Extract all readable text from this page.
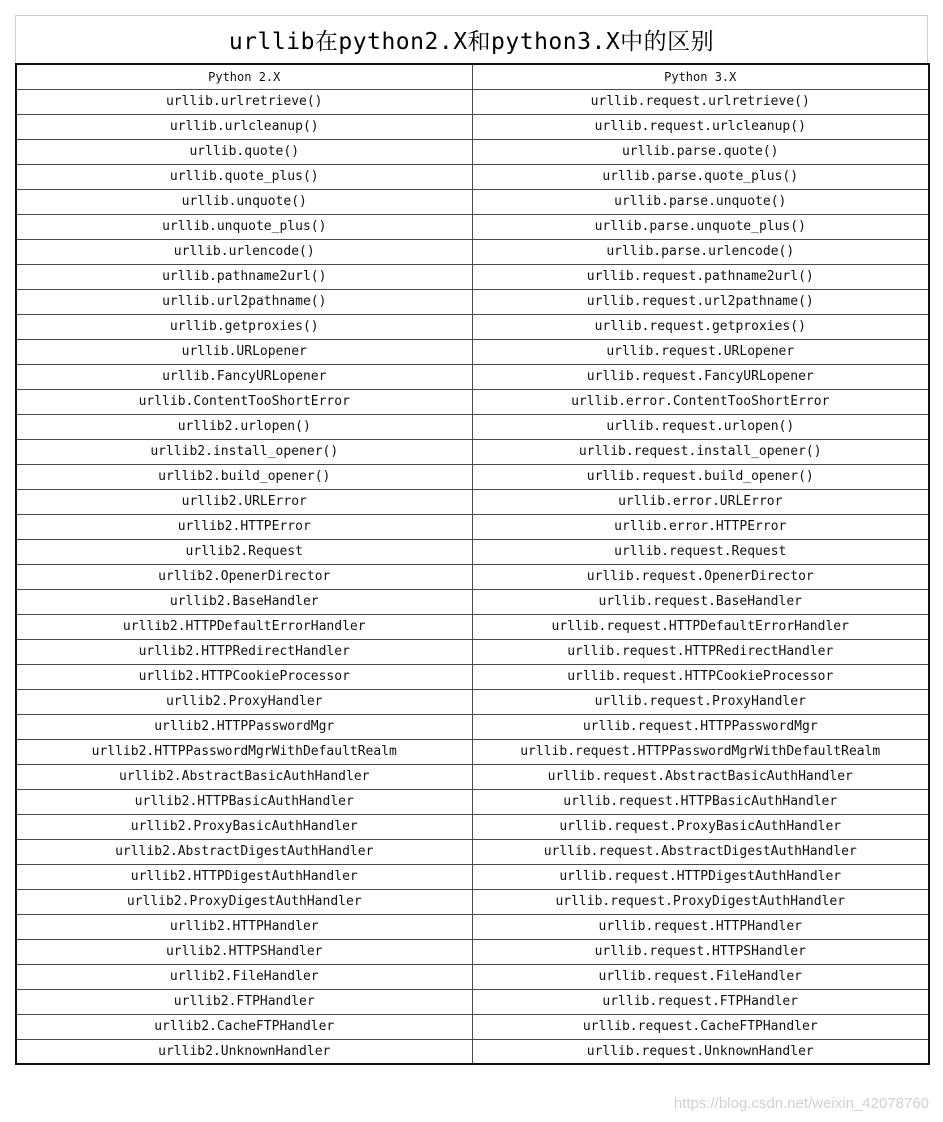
urllib在python2.X和python3.X中的区别
Python 2.X	Python 3.X
urllib.urlretrieve()	urllib.request.urlretrieve()
urllib.urlcleanup()	urllib.request.urlcleanup()
urllib.quote()	urllib.parse.quote()
urllib.quote_plus()	urllib.parse.quote_plus()
urllib.unquote()	urllib.parse.unquote()
urllib.unquote_plus()	urllib.parse.unquote_plus()
urllib.urlencode()	urllib.parse.urlencode()
urllib.pathname2url()	urllib.request.pathname2url()
urllib.url2pathname()	urllib.request.url2pathname()
urllib.getproxies()	urllib.request.getproxies()
urllib.URLopener	urllib.request.URLopener
urllib.FancyURLopener	urllib.request.FancyURLopener
urllib.ContentTooShortError	urllib.error.ContentTooShortError
urllib2.urlopen()	urllib.request.urlopen()
urllib2.install_opener()	urllib.request.install_opener()
urllib2.build_opener()	urllib.request.build_opener()
urllib2.URLError	urllib.error.URLError
urllib2.HTTPError	urllib.error.HTTPError
urllib2.Request	urllib.request.Request
urllib2.OpenerDirector	urllib.request.OpenerDirector
urllib2.BaseHandler	urllib.request.BaseHandler
urllib2.HTTPDefaultErrorHandler	urllib.request.HTTPDefaultErrorHandler
urllib2.HTTPRedirectHandler	urllib.request.HTTPRedirectHandler
urllib2.HTTPCookieProcessor	urllib.request.HTTPCookieProcessor
urllib2.ProxyHandler	urllib.request.ProxyHandler
urllib2.HTTPPasswordMgr	urllib.request.HTTPPasswordMgr
urllib2.HTTPPasswordMgrWithDefaultRealm	urllib.request.HTTPPasswordMgrWithDefaultRealm
urllib2.AbstractBasicAuthHandler	urllib.request.AbstractBasicAuthHandler
urllib2.HTTPBasicAuthHandler	urllib.request.HTTPBasicAuthHandler
urllib2.ProxyBasicAuthHandler	urllib.request.ProxyBasicAuthHandler
urllib2.AbstractDigestAuthHandler	urllib.request.AbstractDigestAuthHandler
urllib2.HTTPDigestAuthHandler	urllib.request.HTTPDigestAuthHandler
urllib2.ProxyDigestAuthHandler	urllib.request.ProxyDigestAuthHandler
urllib2.HTTPHandler	urllib.request.HTTPHandler
urllib2.HTTPSHandler	urllib.request.HTTPSHandler
urllib2.FileHandler	urllib.request.FileHandler
urllib2.FTPHandler	urllib.request.FTPHandler
urllib2.CacheFTPHandler	urllib.request.CacheFTPHandler
urllib2.UnknownHandler	urllib.request.UnknownHandler
https://blog.csdn.net/weixin_42078760
